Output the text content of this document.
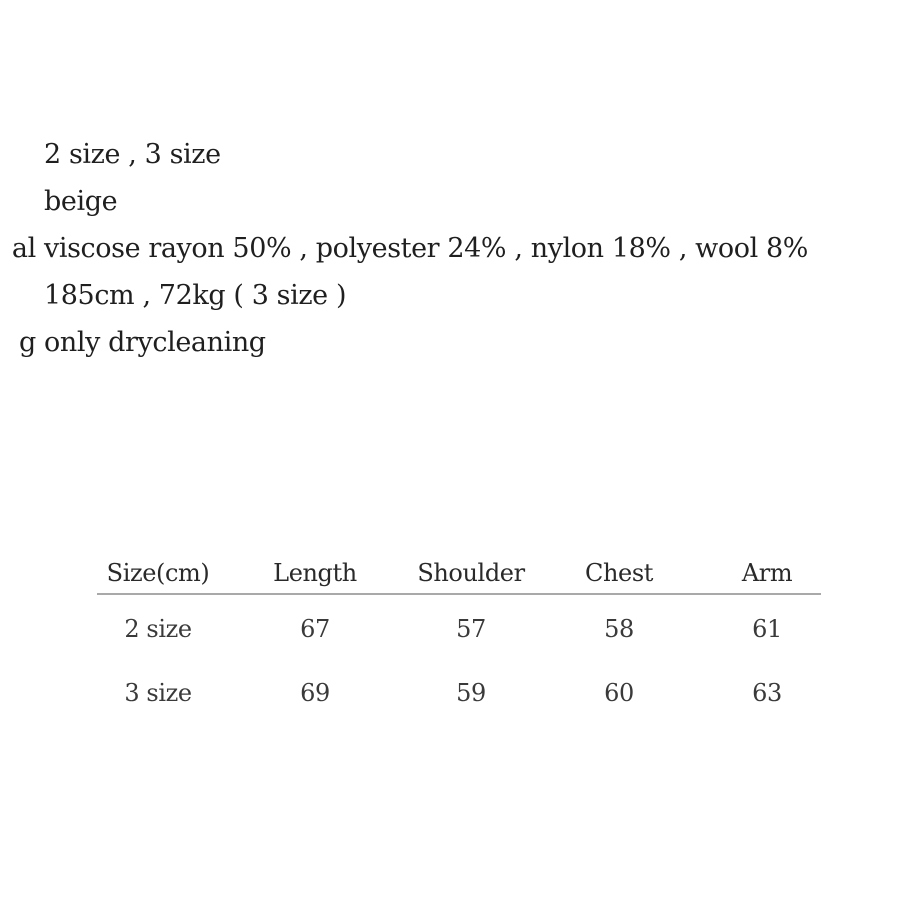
2 size , 3 size
beige
al viscose rayon 50% , polyester 24% , nylon 18% , wool 8%
185cm , 72kg ( 3 size )
g only drycleaning
Size(cm)	Length	Shoulder	Chest	Arm
2 size	67	57	58	61
3 size	69	59	60	63
